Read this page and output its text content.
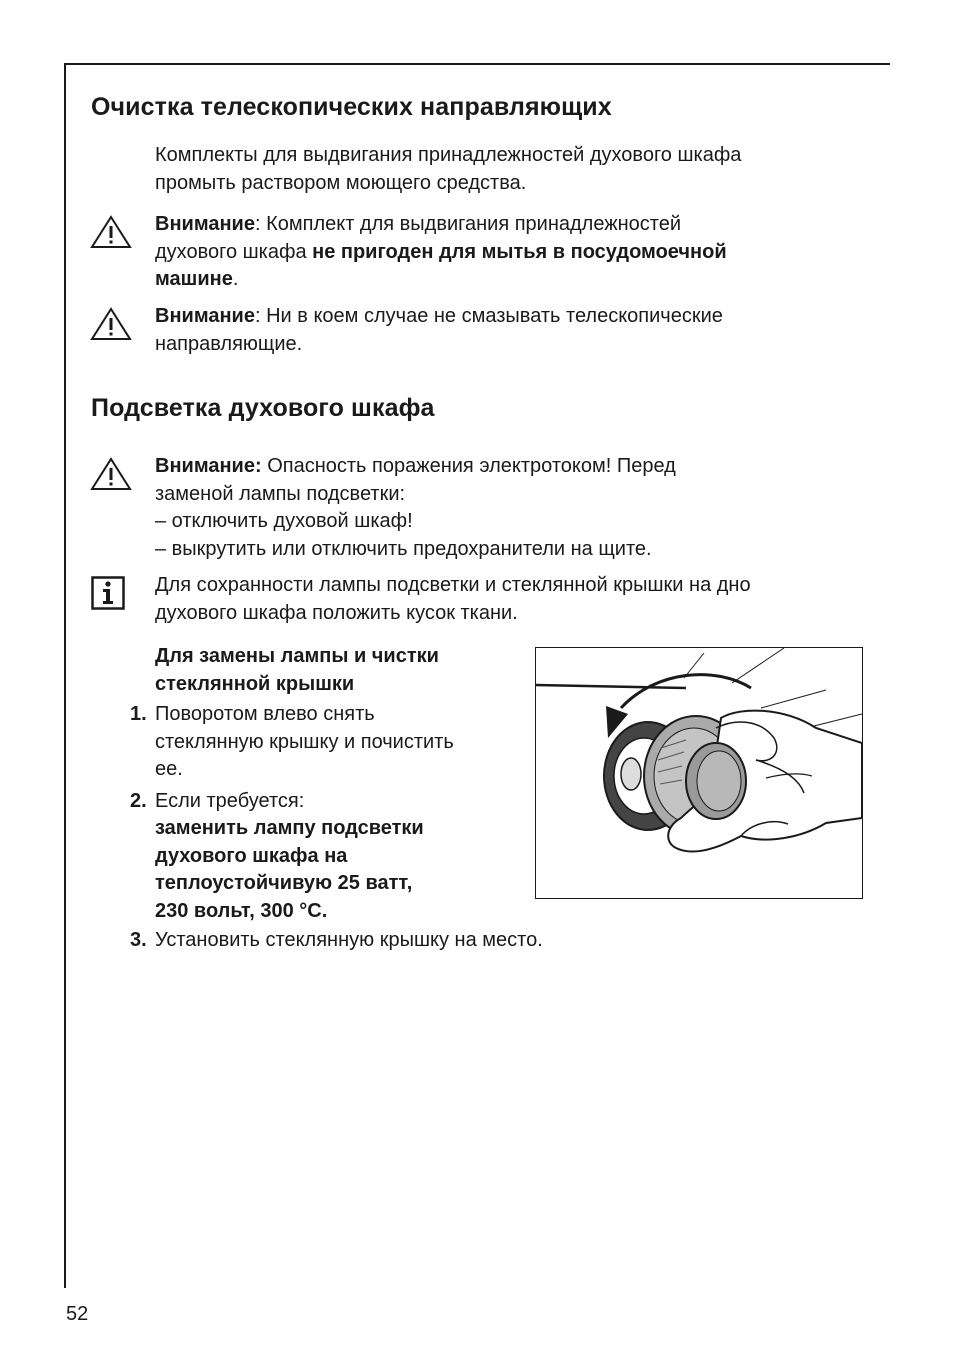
Очистка телескопических направляющих
Комплекты для выдвигания принадлежностей духового шкафа
промыть раствором моющего средства.
Внимание: Комплект для выдвигания принадлежностей
духового шкафа не пригоден для мытья в посудомоечной
машине.
Внимание: Ни в коем случае не смазывать телескопические
направляющие.
Подсветка духового шкафа
Внимание: Опасность поражения электротоком! Перед
заменой лампы подсветки:
– отключить духовой шкаф!
– выкрутить или отключить предохранители на щите.
Для сохранности лампы подсветки и стеклянной крышки на дно
духового шкафа положить кусок ткани.
Для замены лампы и чистки
стеклянной крышки
1. Поворотом влево снять
стеклянную крышку и почистить
ее.
2. Если требуется:
заменить лампу подсветки
духового шкафа на
теплоустойчивую 25 ватт,
230 вольт, 300 °C.
3. Установить стеклянную крышку на место.
52
